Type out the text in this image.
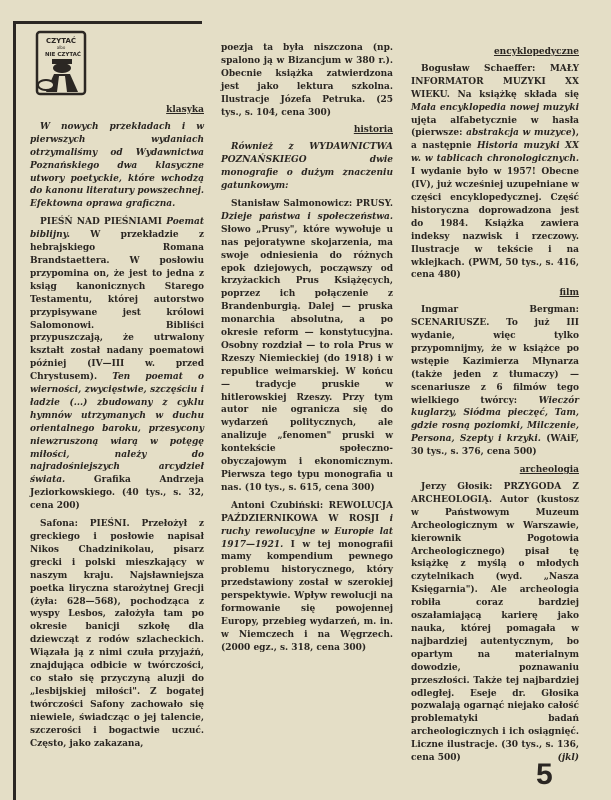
CZYTAĆ
albo
NIE CZYTAĆ
klasyka

W nowych przekładach i w pierwszych wydaniach otrzymaliśmy od Wydawnictwa Poznańskiego dwa klasyczne utwory poetyckie, które wchodzą do kanonu literatury powszechnej. Efektowna oprawa graficzna.

PIEŚŃ NAD PIEŚNIAMI Poemat biblijny. W przekładzie z hebrajskiego Romana Brandstaettera. W posłowiu przypomina on, że jest to jedna z ksiąg kanonicznych Starego Testamentu, której autorstwo przypisywane jest królowi Salomonowi. Bibliści przypuszczają, że utrwalony kształt został nadany poematowi później (IV—III w. przed Chrystusem). Ten poemat o wierności, zwycięstwie, szczęściu i ładzie (...) zbudowany z cyklu hymnów utrzymanych w duchu orientalnego baroku, przesycony niewzruszoną wiarą w potęgę miłości, należy do najradośniejszych arcydzieł świata. Grafika Andrzeja Jeziorkowskiego. (40 tys., s. 32, cena 200)

Safona: PIEŚNI. Przełożył z greckiego i posłowie napisał Nikos Chadzinikolau, pisarz grecki i polski mieszkający w naszym kraju. Najsławniejsza poetka liryczna starożytnej Grecji (żyła: 628—568), pochodząca z wyspy Lesbos, założyła tam po okresie banicji szkołę dla dziewcząt z rodów szlacheckich. Wiązała ją z nimi czuła przyjaźń, znajdująca odbicie w twórczości, co stało się przyczyną aluzji do „lesbijskiej miłości". Z bogatej twórczości Safony zachowało się niewiele, świadcząc o jej talencie, szczerości i bogactwie uczuć. Często, jako zakazana,

poezja ta była niszczona (np. spalono ją w Bizancjum w 380 r.). Obecnie książka zatwierdzona jest jako lektura szkolna. Ilustracje Józefa Petruka. (25 tys., s. 104, cena 300)

historia

Również z WYDAWNICTWA POZNAŃSKIEGO dwie monografie o dużym znaczeniu gatunkowym:

Stanisław Salmonowicz: PRUSY. Dzieje państwa i społeczeństwa. Słowo „Prusy", które wywołuje u nas pejoratywne skojarzenia, ma swoje odniesienia do różnych epok dziejowych, począwszy od krzyżackich Prus Książęcych, poprzez ich połączenie z Brandenburgią. Dalej — pruska monarchia absolutna, a po okresie reform — konstytucyjna. Osobny rozdział — to rola Prus w Rzeszy Niemieckiej (do 1918) i w republice weimarskiej. W końcu — tradycje pruskie w hitlerowskiej Rzeszy. Przy tym autor nie ogranicza się do wydarzeń politycznych, ale analizuje „fenomen" pruski w kontekście społeczno-obyczajowym i ekonomicznym. Pierwsza tego typu monografia u nas. (10 tys., s. 615, cena 300)

Antoni Czubiński: REWOLUCJA PAŹDZIERNIKOWA W ROSJI i ruchy rewolucyjne w Europie lat 1917—1921. I w tej monografii mamy kompendium pewnego problemu historycznego, który przedstawiony został w szerokiej perspektywie. Wpływ rewolucji na formowanie się powojennej Europy, przebieg wydarzeń, m. in. w Niemczech i na Węgrzech. (2000 egz., s. 318, cena 300)

encyklopedyczne

Bogusław Schaeffer: MAŁY INFORMATOR MUZYKI XX WIEKU. Na książkę składa się Mała encyklopedia nowej muzyki ujęta alfabetycznie w hasła (pierwsze: abstrakcja w muzyce), a następnie Historia muzyki XX w. w tablicach chronologicznych. I wydanie było w 1957! Obecne (IV), już wcześniej uzupełniane w części encyklopedycznej. Część historyczna doprowadzona jest do 1984. Książka zawiera indeksy nazwisk i rzeczowy. Ilustracje w tekście i na wklejkach. (PWM, 50 tys., s. 416, cena 480)

film

Ingmar Bergman: SCENARIUSZE. To już III wydanie, więc tylko przypomnijmy, że w książce po wstępie Kazimierza Młynarza (także jeden z tłumaczy) — scenariusze z 6 filmów tego wielkiego twórcy: Wieczór kuglarzy, Siódma pieczęć, Tam, gdzie rosną poziomki, Milczenie, Persona, Szepty i krzyki. (WAiF, 30 tys., s. 376, cena 500)

archeologia

Jerzy Głosik: PRZYGODA Z ARCHEOLOGIĄ. Autor (kustosz w Państwowym Muzeum Archeologicznym w Warszawie, kierownik Pogotowia Archeologicznego) pisał tę książkę z myślą o młodych czytelnikach (wyd. „Nasza Księgarnia"). Ale archeologia robiła coraz bardziej oszałamiającą karierę jako nauka, której pomagała w najbardziej autentycznym, bo opartym na materialnym dowodzie, poznawaniu przeszłości. Także tej najbardziej odległej. Eseje dr. Głosika pozwalają ogarnąć niejako całość problematyki badań archeologicznych i ich osiągnięć. Liczne ilustracje. (30 tys., s. 136, cena 500)	(jkl)

5
